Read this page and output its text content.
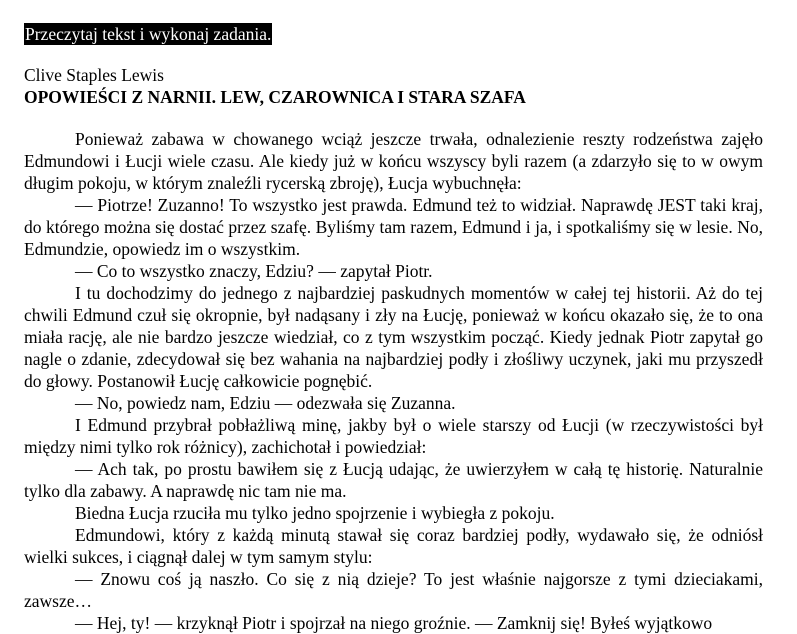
Przeczytaj tekst i wykonaj zadania.
Clive Staples Lewis
OPOWIEŚCI Z NARNII. LEW, CZAROWNICA I STARA SZAFA

Ponieważ zabawa w chowanego wciąż jeszcze trwała, odnalezienie reszty rodzeństwa zajęło Edmundowi i Łucji wiele czasu. Ale kiedy już w końcu wszyscy byli razem (a zdarzyło się to w owym długim pokoju, w którym znaleźli rycerską zbroję), Łucja wybuchnęła:

— Piotrze! Zuzanno! To wszystko jest prawda. Edmund też to widział. Naprawdę JEST taki kraj, do którego można się dostać przez szafę. Byliśmy tam razem, Edmund i ja, i spotkaliśmy się w lesie. No, Edmundzie, opowiedz im o wszystkim.

— Co to wszystko znaczy, Edziu? — zapytał Piotr.

I tu dochodzimy do jednego z najbardziej paskudnych momentów w całej tej historii. Aż do tej chwili Edmund czuł się okropnie, był nadąsany i zły na Łucję, ponieważ w końcu okazało się, że to ona miała rację, ale nie bardzo jeszcze wiedział, co z tym wszystkim począć. Kiedy jednak Piotr zapytał go nagle o zdanie, zdecydował się bez wahania na najbardziej podły i złośliwy uczynek, jaki mu przyszedł do głowy. Postanowił Łucję całkowicie pognębić.

— No, powiedz nam, Edziu — odezwała się Zuzanna.

I Edmund przybrał pobłażliwą minę, jakby był o wiele starszy od Łucji (w rzeczywistości był między nimi tylko rok różnicy), zachichotał i powiedział:

— Ach tak, po prostu bawiłem się z Łucją udając, że uwierzyłem w całą tę historię. Naturalnie tylko dla zabawy. A naprawdę nic tam nie ma.

Biedna Łucja rzuciła mu tylko jedno spojrzenie i wybiegła z pokoju.

Edmundowi, który z każdą minutą stawał się coraz bardziej podły, wydawało się, że odniósł wielki sukces, i ciągnął dalej w tym samym stylu:

— Znowu coś ją naszło. Co się z nią dzieje? To jest właśnie najgorsze z tymi dzieciakami, zawsze…

— Hej, ty! — krzyknął Piotr i spojrzał na niego groźnie. — Zamknij się! Byłeś wyjątkowo
